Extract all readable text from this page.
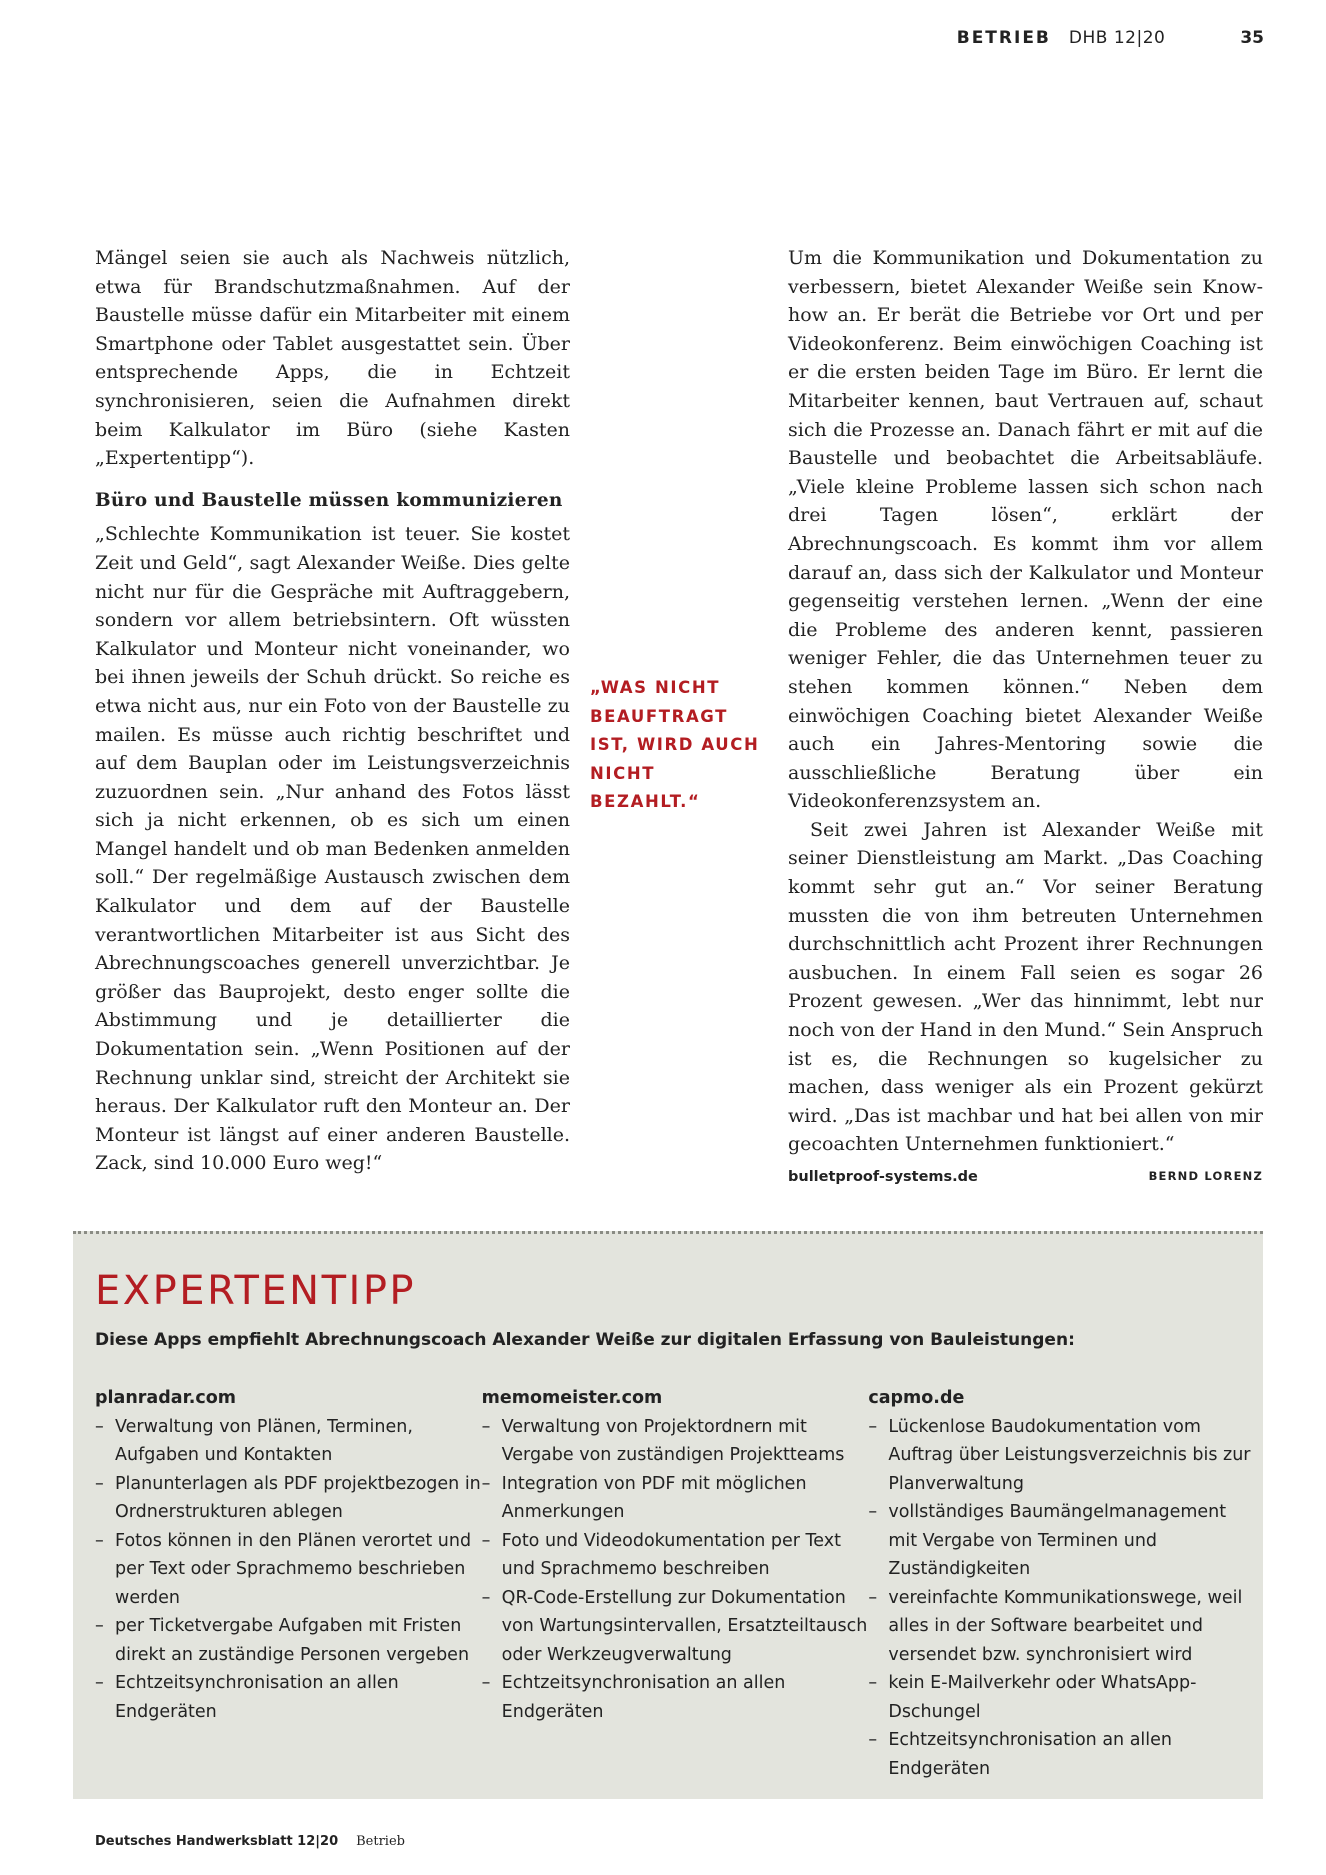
BETRIEB DHB 12|20	35

Mängel seien sie auch als Nachweis nützlich, etwa für Brandschutzmaßnahmen. Auf der Baustelle müsse dafür ein Mitarbeiter mit einem Smartphone oder Tablet ausgestattet sein. Über entsprechende Apps, die in Echtzeit synchronisieren, seien die Aufnahmen direkt beim Kalkulator im Büro (siehe Kasten „Expertentipp“).

Büro und Baustelle müssen kommunizieren

„Schlechte Kommunikation ist teuer. Sie kostet Zeit und Geld“, sagt Alexander Weiße. Dies gelte nicht nur für die Gespräche mit Auftraggebern, sondern vor allem betriebsintern. Oft wüssten Kalkulator und Monteur nicht voneinander, wo bei ihnen jeweils der Schuh drückt. So reiche es etwa nicht aus, nur ein Foto von der Baustelle zu mailen. Es müsse auch richtig beschriftet und auf dem Bauplan oder im Leistungsverzeichnis zuzuordnen sein. „Nur anhand des Fotos lässt sich ja nicht erkennen, ob es sich um einen Mangel handelt und ob man Bedenken anmelden soll.“ Der regelmäßige Austausch zwischen dem Kalkulator und dem auf der Baustelle verantwortlichen Mitarbeiter ist aus Sicht des Abrechnungscoaches generell unverzichtbar. Je größer das Bauprojekt, desto enger sollte die Abstimmung und je detaillierter die Dokumentation sein. „Wenn Positionen auf der Rechnung unklar sind, streicht der Architekt sie heraus. Der Kalkulator ruft den Monteur an. Der Monteur ist längst auf einer anderen Baustelle. Zack, sind 10.000 Euro weg!“

„WAS NICHT BEAUFTRAGT IST, WIRD AUCH NICHT BEZAHLT.“

Um die Kommunikation und Dokumentation zu verbessern, bietet Alexander Weiße sein Know-how an. Er berät die Betriebe vor Ort und per Videokonferenz. Beim einwöchigen Coaching ist er die ersten beiden Tage im Büro. Er lernt die Mitarbeiter kennen, baut Vertrauen auf, schaut sich die Prozesse an. Danach fährt er mit auf die Baustelle und beobachtet die Arbeitsabläufe. „Viele kleine Probleme lassen sich schon nach drei Tagen lösen“, erklärt der Abrechnungscoach. Es kommt ihm vor allem darauf an, dass sich der Kalkulator und Monteur gegenseitig verstehen lernen. „Wenn der eine die Probleme des anderen kennt, passieren weniger Fehler, die das Unternehmen teuer zu stehen kommen können.“ Neben dem einwöchigen Coaching bietet Alexander Weiße auch ein Jahres-Mentoring sowie die ausschließliche Beratung über ein Videokonferenzsystem an.

Seit zwei Jahren ist Alexander Weiße mit seiner Dienstleistung am Markt. „Das Coaching kommt sehr gut an.“ Vor seiner Beratung mussten die von ihm betreuten Unternehmen durchschnittlich acht Prozent ihrer Rechnungen ausbuchen. In einem Fall seien es sogar 26 Prozent gewesen. „Wer das hinnimmt, lebt nur noch von der Hand in den Mund.“ Sein Anspruch ist es, die Rechnungen so kugelsicher zu machen, dass weniger als ein Prozent gekürzt wird. „Das ist machbar und hat bei allen von mir gecoachten Unternehmen funktioniert.“
BERND LORENZ

bulletproof-systems.de
EXPERTENTIPP
Diese Apps empfiehlt Abrechnungscoach Alexander Weiße zur digitalen Erfassung von Bauleistungen:
planradar.com
– Verwaltung von Plänen, Terminen, Aufgaben und Kontakten
– Planunterlagen als PDF projektbezogen in Ordnerstrukturen ablegen
– Fotos können in den Plänen verortet und per Text oder Sprachmemo beschrieben werden
– per Ticketvergabe Aufgaben mit Fristen direkt an zuständige Personen vergeben
– Echtzeitsynchronisation an allen Endgeräten
memomeister.com
– Verwaltung von Projektordnern mit Vergabe von zuständigen Projektteams
– Integration von PDF mit möglichen Anmerkungen
– Foto und Videodokumentation per Text und Sprachmemo beschreiben
– QR-Code-Erstellung zur Dokumentation von Wartungsintervallen, Ersatzteiltausch oder Werkzeugverwaltung
– Echtzeitsynchronisation an allen Endgeräten
capmo.de
– Lückenlose Baudokumentation vom Auftrag über Leistungsverzeichnis bis zur Planverwaltung
– vollständiges Baumängelmanagement mit Vergabe von Terminen und Zuständigkeiten
– vereinfachte Kommunikationswege, weil alles in der Software bearbeitet und versendet bzw. synchronisiert wird
– kein E-Mailverkehr oder WhatsApp-Dschungel
– Echtzeitsynchronisation an allen Endgeräten
Deutsches Handwerksblatt 12|20 Betrieb
